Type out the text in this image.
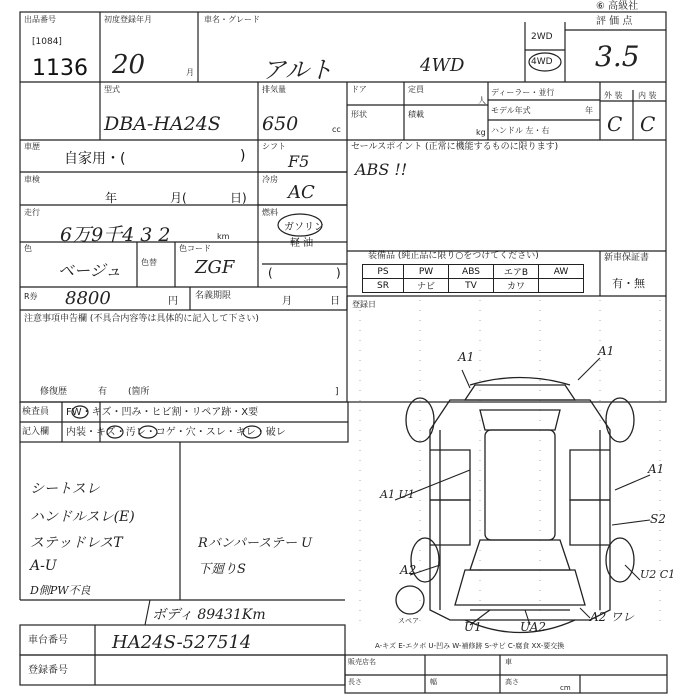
出品番号
[1084]
1136
初度登録年月
20	月
車名・グレード
アルト	4WD
2WD
4WD
評 価 点
3.5
⑥ 高級社
型式
DBA-HA24S
排気量
650	cc
ドア	定員
人
形状	積載
kg
ディーラー・並行
モデル年式	年
ハンドル 左・右
外 装 内 装
C C
車歴
自家用・(	)
シフト
F5
セールスポイント (正常に機能するものに限ります)
ABS !!
車検
年	月(	日)
冷房
AC
走行
6万9千4 3 2	km
燃料
ガソリン
軽 油
色
ベージュ 色替
色コード
ZGF	(	)
装備品 (純正品に限り○をつけてください)
PS	PW	ABS	エアB	AW
SR	ナビ	TV	カワ	
新車保証書
有・無
R券 8800	円 名義期限	月	日 登録日
注意事項申告欄 (不具合内容等は具体的に記入して下さい)
修復歴	有 (箇所	]
検査員
記入欄
FW・キズ・凹み・ヒビ割・リペア跡・X要
内装・キズ・汚レ・コゲ・穴・スレ・キレ・破レ
シートスレ
ハンドルスレ(E)
ステッドレスT
A-U
D側PW不良
Rバンパーステー U
下廻りS
ボディ 89431Km
車台番号 HA24S-527514
登録番号
A1	A1
A1
S2
A1 U1
A2	U2 C1
U1
A2 ワレ
UA2
スペア
A-キズ E-エクボ U-凹み W-補修跡 S-サビ C-腐食 XX-要交換
販売店名	車
長さ	幅	高さ
cm
